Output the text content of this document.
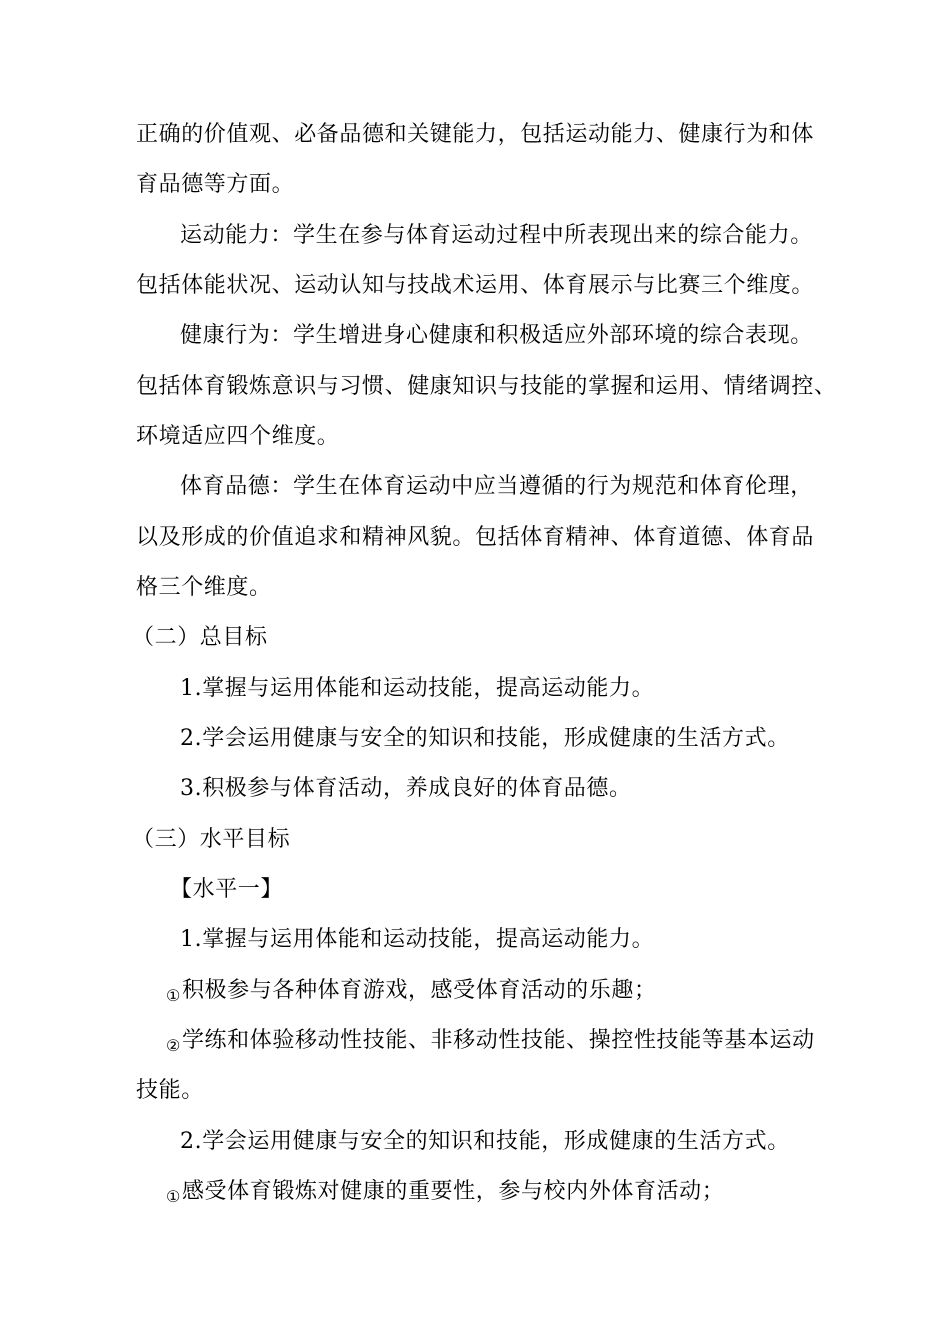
正确的价值观、必备品德和关键能力，包括运动能力、健康行为和体
育品德等方面。
运动能力：学生在参与体育运动过程中所表现出来的综合能力。
包括体能状况、运动认知与技战术运用、体育展示与比赛三个维度。
健康行为：学生增进身心健康和积极适应外部环境的综合表现。
包括体育锻炼意识与习惯、健康知识与技能的掌握和运用、情绪调控、
环境适应四个维度。
体育品德：学生在体育运动中应当遵循的行为规范和体育伦理，
以及形成的价值追求和精神风貌。包括体育精神、体育道德、体育品
格三个维度。
（二）总目标
1.掌握与运用体能和运动技能，提高运动能力。
2.学会运用健康与安全的知识和技能，形成健康的生活方式。
3.积极参与体育活动，养成良好的体育品德。
（三）水平目标
【水平一】
1.掌握与运用体能和运动技能，提高运动能力。
①积极参与各种体育游戏，感受体育活动的乐趣；
②学练和体验移动性技能、非移动性技能、操控性技能等基本运动
技能。
2.学会运用健康与安全的知识和技能，形成健康的生活方式。
①感受体育锻炼对健康的重要性，参与校内外体育活动；
